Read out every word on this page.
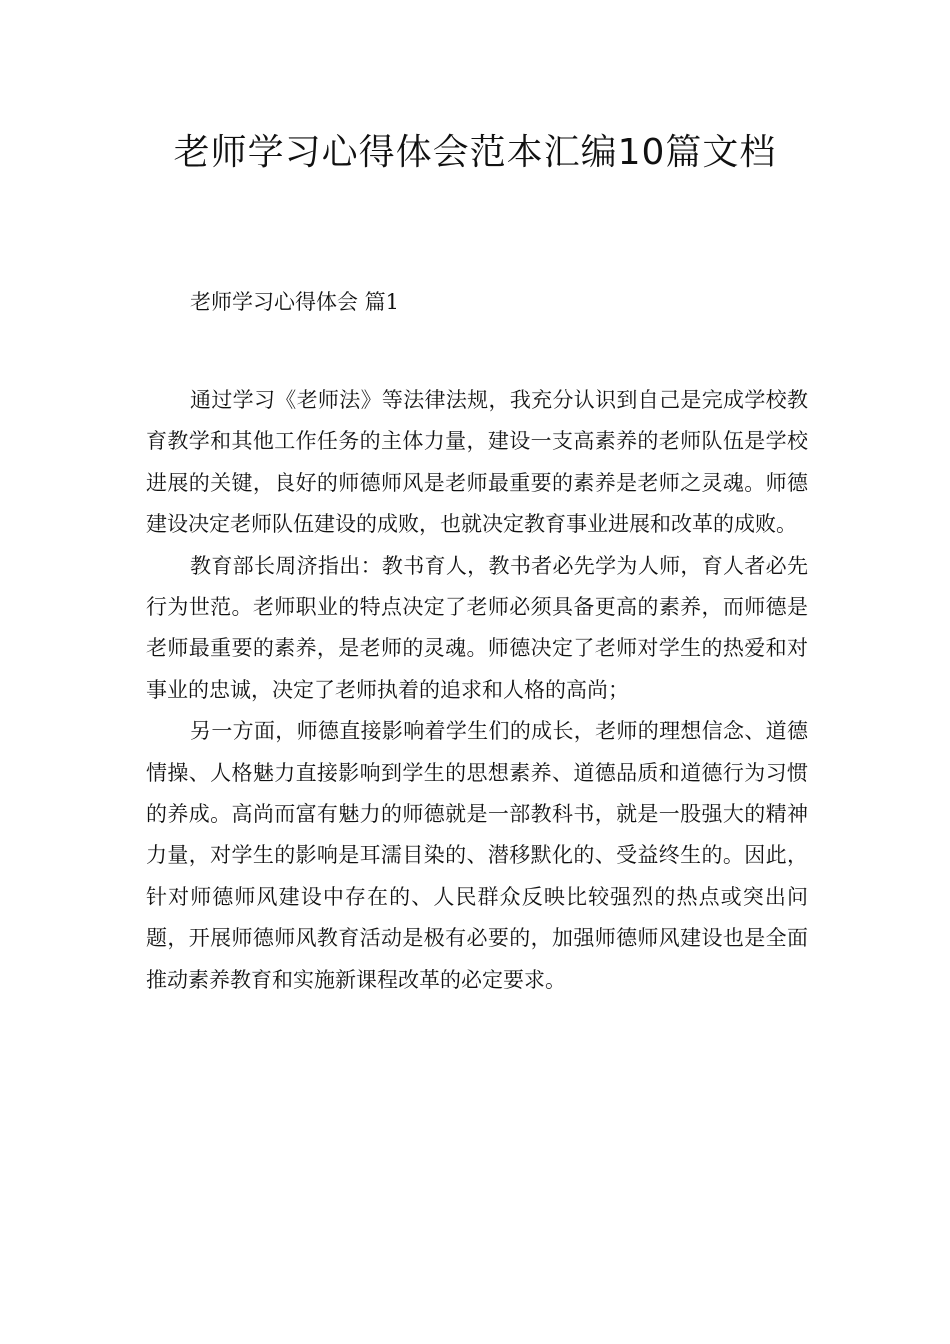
老师学习心得体会范本汇编10篇文档
老师学习心得体会 篇1

通过学习《老师法》等法律法规，我充分认识到自己是完成学校教育教学和其他工作任务的主体力量，建设一支高素养的老师队伍是学校进展的关键，良好的师德师风是老师最重要的素养是老师之灵魂。师德建设决定老师队伍建设的成败，也就决定教育事业进展和改革的成败。

教育部长周济指出：教书育人，教书者必先学为人师，育人者必先行为世范。老师职业的特点决定了老师必须具备更高的素养，而师德是老师最重要的素养，是老师的灵魂。师德决定了老师对学生的热爱和对事业的忠诚，决定了老师执着的追求和人格的高尚；

另一方面，师德直接影响着学生们的成长，老师的理想信念、道德情操、人格魅力直接影响到学生的思想素养、道德品质和道德行为习惯的养成。高尚而富有魅力的师德就是一部教科书，就是一股强大的精神力量，对学生的影响是耳濡目染的、潜移默化的、受益终生的。因此，针对师德师风建设中存在的、人民群众反映比较强烈的热点或突出问题，开展师德师风教育活动是极有必要的，加强师德师风建设也是全面推动素养教育和实施新课程改革的必定要求。
